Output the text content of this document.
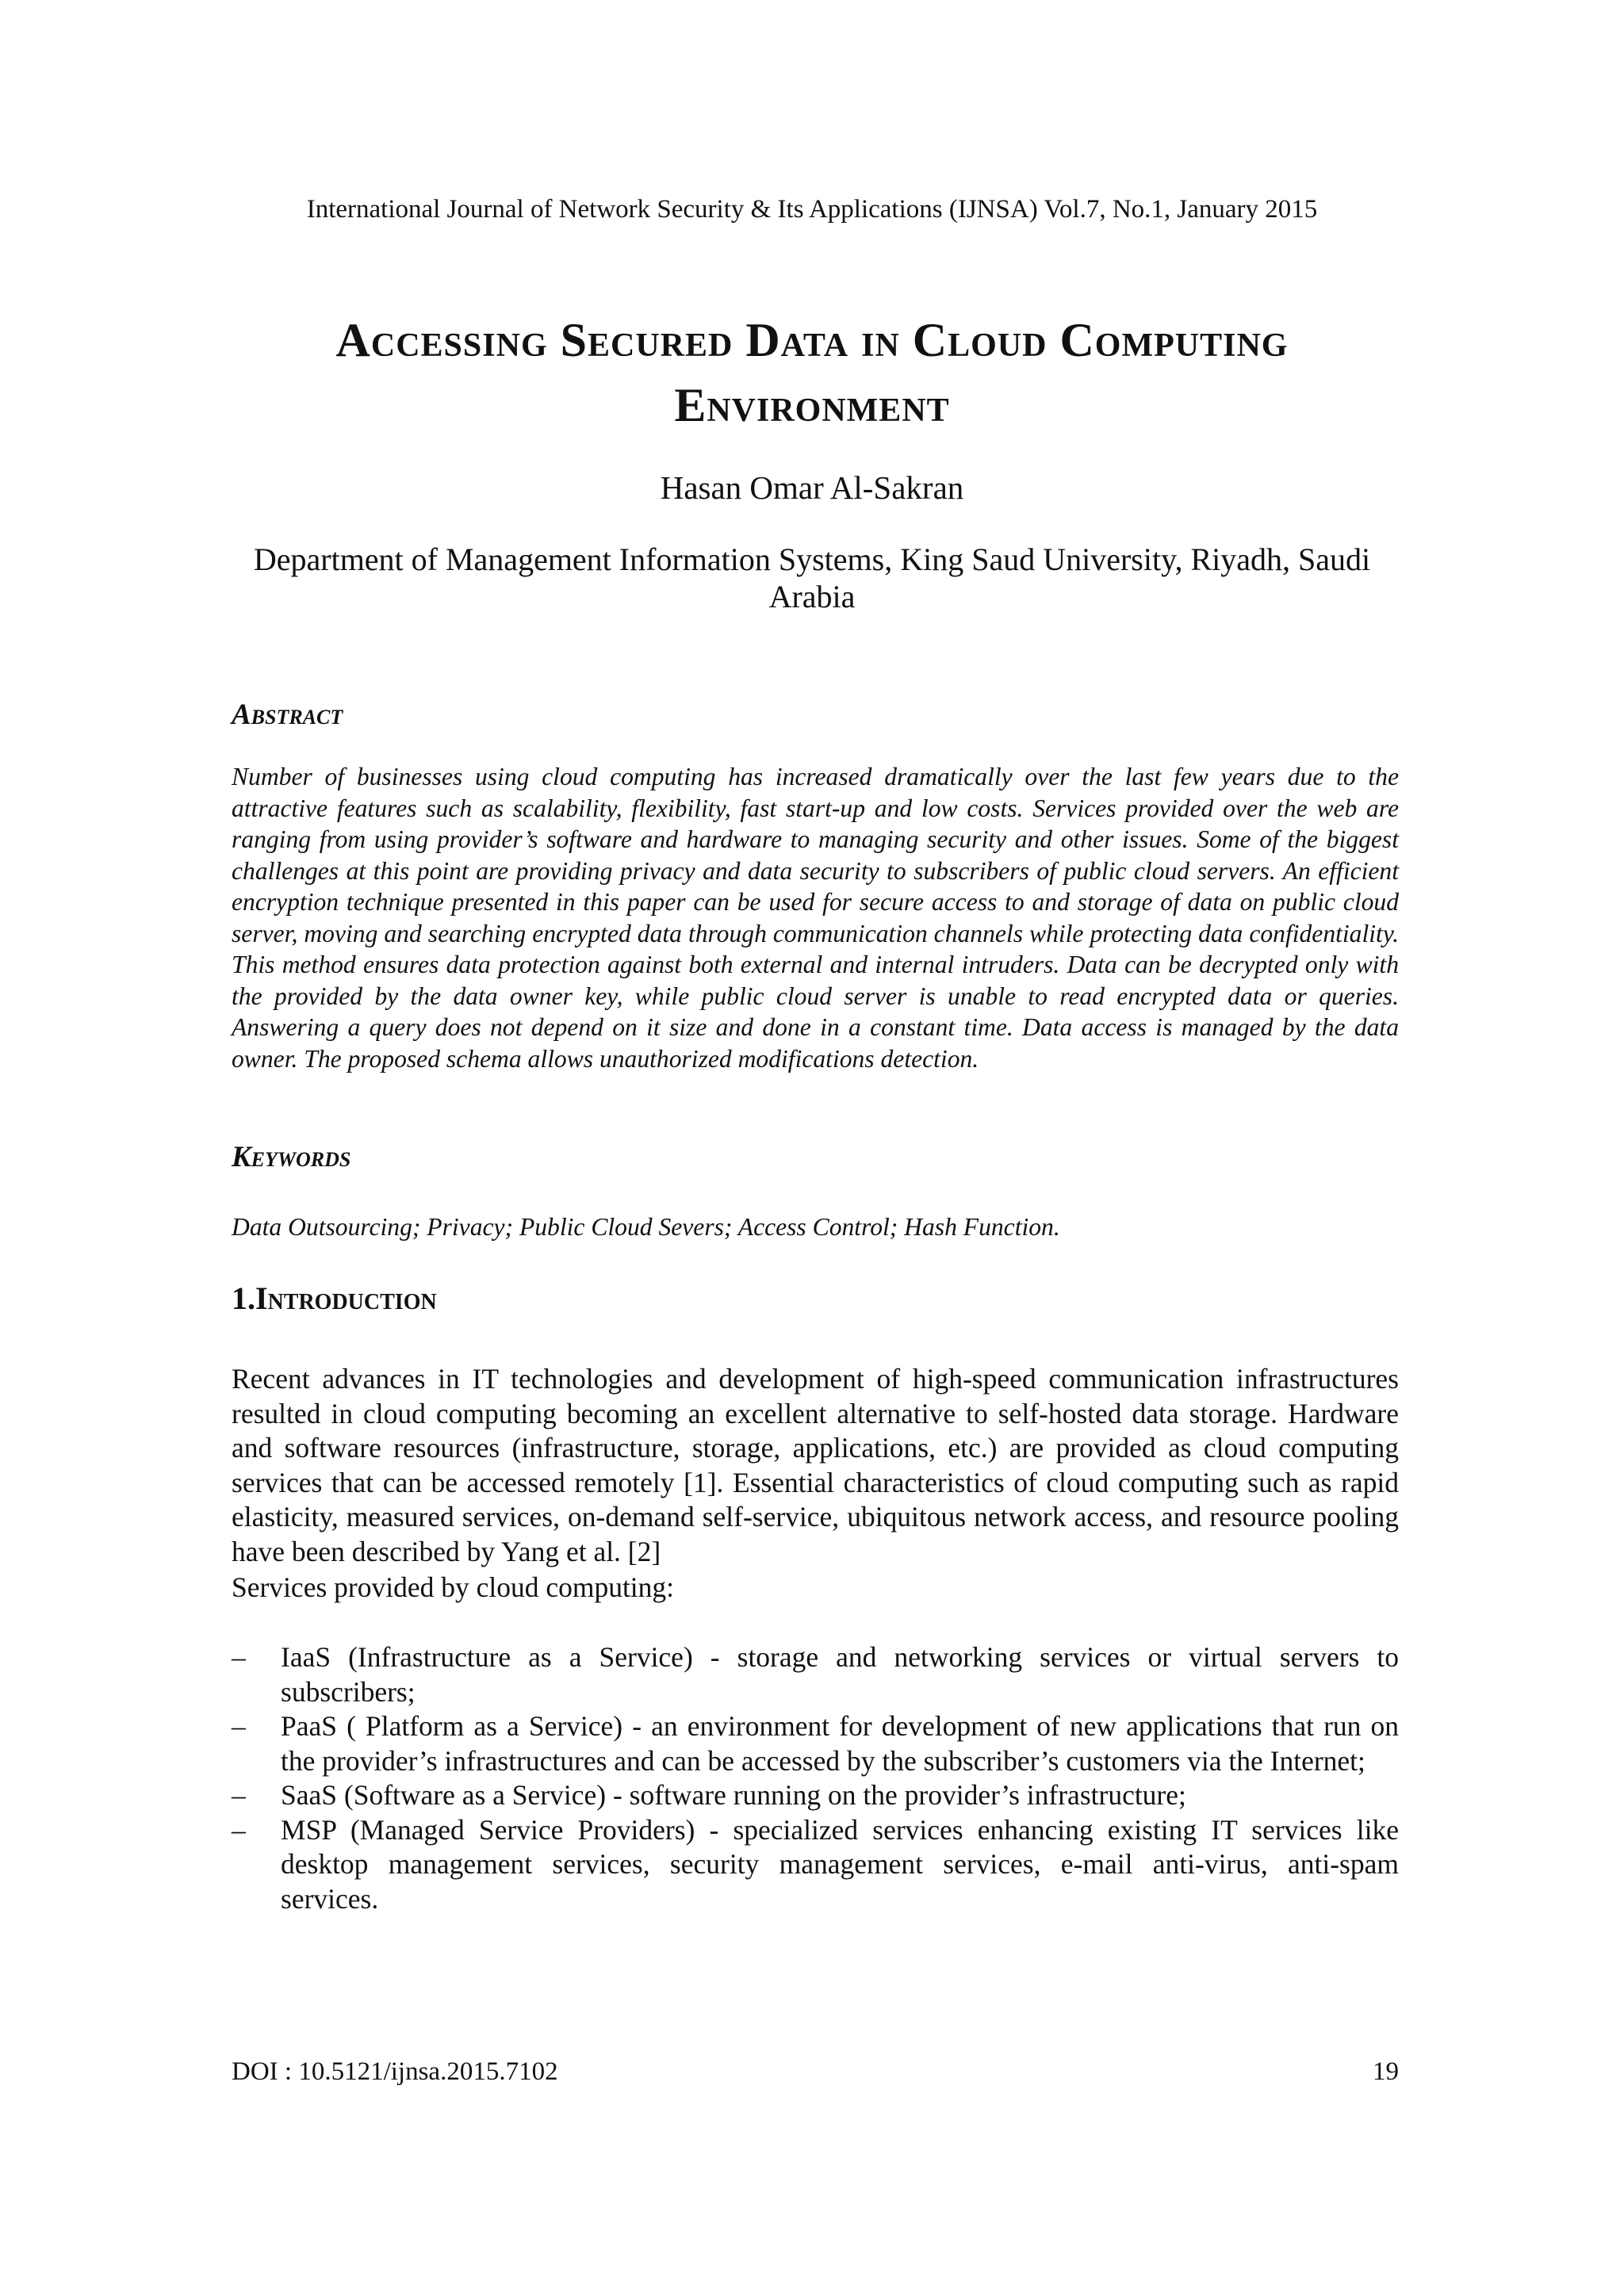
International Journal of Network Security & Its Applications (IJNSA) Vol.7, No.1, January 2015
Accessing Secured Data in Cloud Computing
Environment
Hasan Omar Al-Sakran
Department of Management Information Systems, King Saud University, Riyadh, Saudi Arabia
Abstract

Number of businesses using cloud computing has increased dramatically over the last few years due to the attractive features such as scalability, flexibility, fast start-up and low costs. Services provided over the web are ranging from using provider’s software and hardware to managing security and other issues. Some of the biggest challenges at this point are providing privacy and data security to subscribers of public cloud servers. An efficient encryption technique presented in this paper can be used for secure access to and storage of data on public cloud server, moving and searching encrypted data through communication channels while protecting data confidentiality. This method ensures data protection against both external and internal intruders. Data can be decrypted only with the provided by the data owner key, while public cloud server is unable to read encrypted data or queries. Answering a query does not depend on it size and done in a constant time. Data access is managed by the data owner. The proposed schema allows unauthorized modifications detection.

Keywords

Data Outsourcing; Privacy; Public Cloud Severs; Access Control; Hash Function.

1.Introduction

Recent advances in IT technologies and development of high-speed communication infrastructures resulted in cloud computing becoming an excellent alternative to self-hosted data storage. Hardware and software resources (infrastructure, storage, applications, etc.) are provided as cloud computing services that can be accessed remotely [1]. Essential characteristics of cloud computing such as rapid elasticity, measured services, on-demand self-service, ubiquitous network access, and resource pooling have been described by Yang et al. [2]

Services provided by cloud computing:

– IaaS (Infrastructure as a Service) - storage and networking services or virtual servers to subscribers;
– PaaS ( Platform as a Service) - an environment for development of new applications that run on the provider’s infrastructures and can be accessed by the subscriber’s customers via the Internet;
– SaaS (Software as a Service) - software running on the provider’s infrastructure;
– MSP (Managed Service Providers) - specialized services enhancing existing IT services like desktop management services, security management services, e-mail anti-virus, anti-spam services.
DOI : 10.5121/ijnsa.2015.7102	19
